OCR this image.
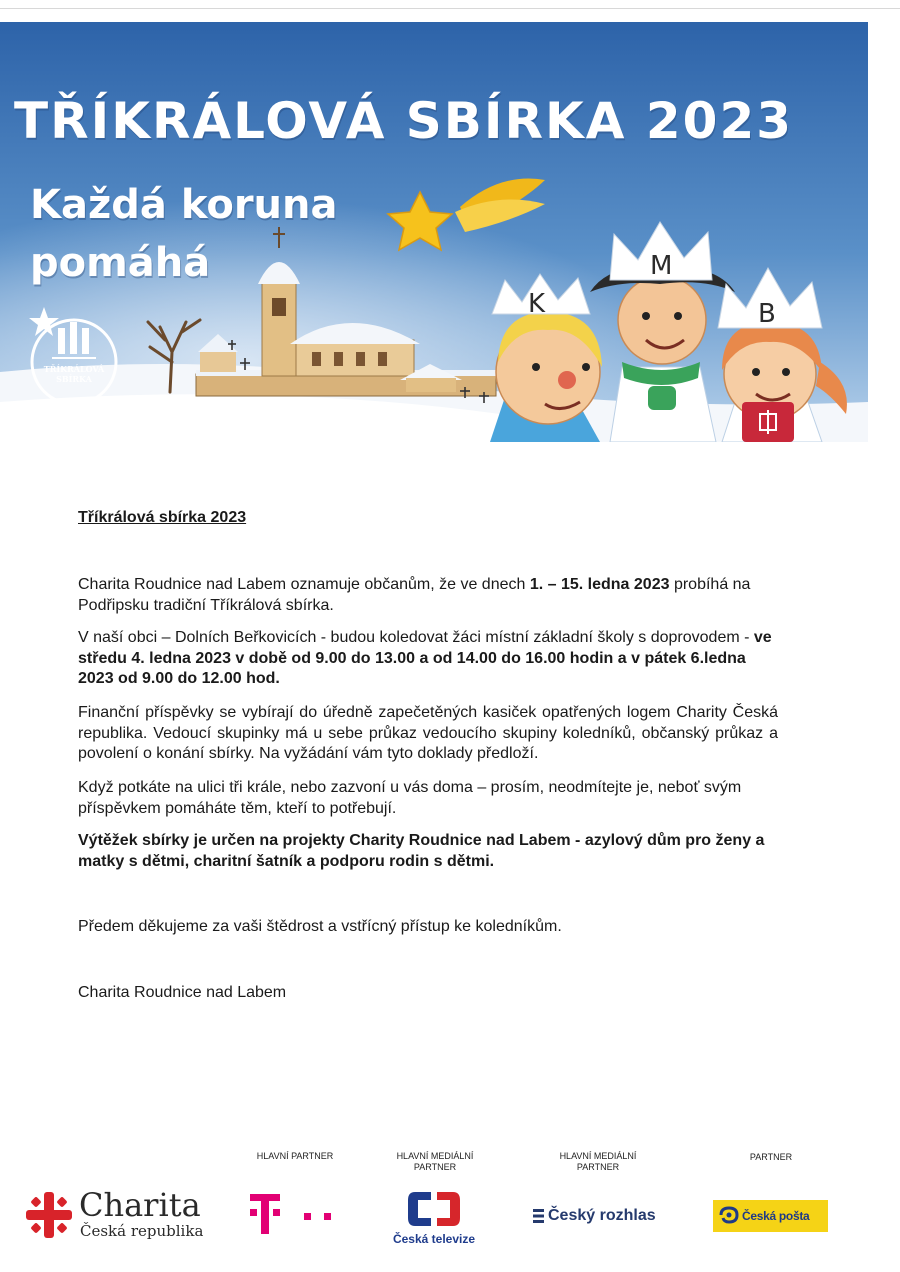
TŘÍKRÁLOVÁ
SBÍRKA
K
M
B

TŘÍKRÁLOVÁ SBÍRKA 2023

Každá koruna

pomáhá

Tříkrálová sbírka 2023

Charita Roudnice nad Labem oznamuje občanům, že ve dnech 1. – 15. ledna 2023 probíhá na Podřipsku tradiční Tříkrálová sbírka.

V naší obci – Dolních Beřkovicích - budou koledovat žáci místní základní školy s doprovodem - ve středu 4. ledna 2023 v době od 9.00 do 13.00 a od 14.00 do 16.00 hodin a v pátek 6.ledna 2023 od 9.00 do 12.00 hod.

Finanční příspěvky se vybírají do úředně zapečetěných kasiček opatřených logem Charity Česká republika. Vedoucí skupinky má u sebe průkaz vedoucího skupiny koledníků, občanský průkaz a povolení o konání sbírky. Na vyžádání vám tyto doklady předloží.

Když potkáte na ulici tři krále, nebo zazvoní u vás doma – prosím, neodmítejte je, neboť svým příspěvkem pomáháte těm, kteří to potřebují.

Výtěžek sbírky je určen na projekty Charity Roudnice nad Labem - azylový dům pro ženy a matky s dětmi, charitní šatník a podporu rodin s dětmi.

Předem děkujeme za vaši štědrost a vstřícný přístup ke koledníkům.

Charita Roudnice nad Labem

HLAVNÍ PARTNER	HLAVNÍ MEDIÁLNÍ
PARTNER

HLAVNÍ MEDIÁLNÍ
PARTNER

PARTNER

Charita

Česká republika	Česká televize

Český rozhlas	Česká pošta
